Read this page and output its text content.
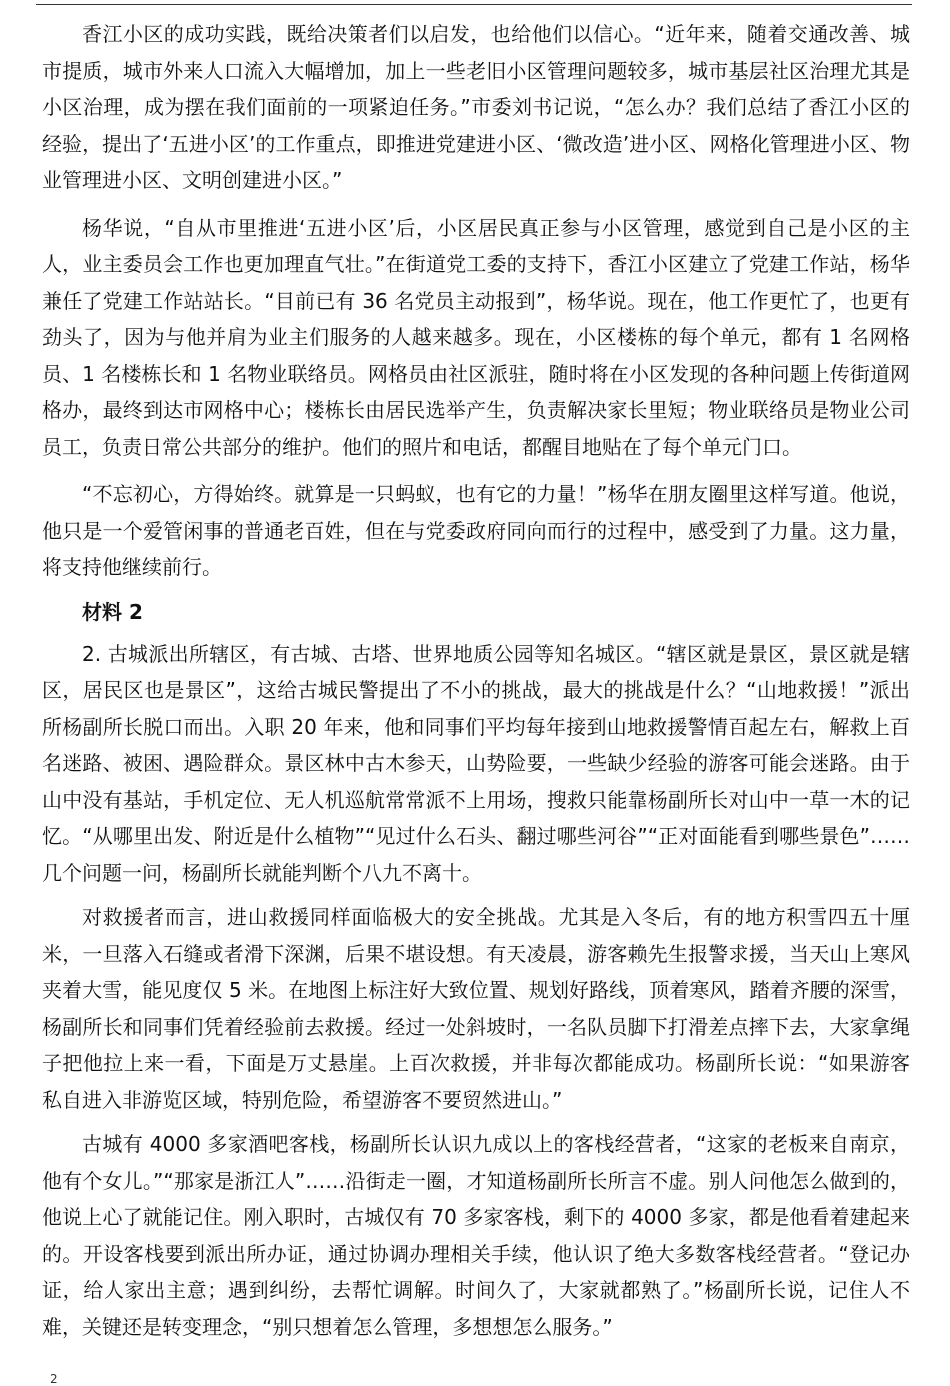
香江小区的成功实践，既给决策者们以启发，也给他们以信心。“近年来，随着交通改善、城市提质，城市外来人口流入大幅增加，加上一些老旧小区管理问题较多，城市基层社区治理尤其是小区治理，成为摆在我们面前的一项紧迫任务。”市委刘书记说，“怎么办？我们总结了香江小区的经验，提出了‘五进小区’的工作重点，即推进党建进小区、‘微改造’进小区、网格化管理进小区、物业管理进小区、文明创建进小区。”

杨华说，“自从市里推进‘五进小区’后，小区居民真正参与小区管理，感觉到自己是小区的主人，业主委员会工作也更加理直气壮。”在街道党工委的支持下，香江小区建立了党建工作站，杨华兼任了党建工作站站长。“目前已有 36 名党员主动报到”，杨华说。现在，他工作更忙了，也更有劲头了，因为与他并肩为业主们服务的人越来越多。现在，小区楼栋的每个单元，都有 1 名网格员、1 名楼栋长和 1 名物业联络员。网格员由社区派驻，随时将在小区发现的各种问题上传街道网格办，最终到达市网格中心；楼栋长由居民选举产生，负责解决家长里短；物业联络员是物业公司员工，负责日常公共部分的维护。他们的照片和电话，都醒目地贴在了每个单元门口。

“不忘初心，方得始终。就算是一只蚂蚁，也有它的力量！”杨华在朋友圈里这样写道。他说，他只是一个爱管闲事的普通老百姓，但在与党委政府同向而行的过程中，感受到了力量。这力量，将支持他继续前行。

材料 2

2. 古城派出所辖区，有古城、古塔、世界地质公园等知名城区。“辖区就是景区，景区就是辖区，居民区也是景区”，这给古城民警提出了不小的挑战，最大的挑战是什么？“山地救援！”派出所杨副所长脱口而出。入职 20 年来，他和同事们平均每年接到山地救援警情百起左右，解救上百名迷路、被困、遇险群众。景区林中古木参天，山势险要，一些缺少经验的游客可能会迷路。由于山中没有基站，手机定位、无人机巡航常常派不上用场，搜救只能靠杨副所长对山中一草一木的记忆。“从哪里出发、附近是什么植物”“见过什么石头、翻过哪些河谷”“正对面能看到哪些景色”……几个问题一问，杨副所长就能判断个八九不离十。

对救援者而言，进山救援同样面临极大的安全挑战。尤其是入冬后，有的地方积雪四五十厘米，一旦落入石缝或者滑下深渊，后果不堪设想。有天凌晨，游客赖先生报警求援，当天山上寒风夹着大雪，能见度仅 5 米。在地图上标注好大致位置、规划好路线，顶着寒风，踏着齐腰的深雪，杨副所长和同事们凭着经验前去救援。经过一处斜坡时，一名队员脚下打滑差点摔下去，大家拿绳子把他拉上来一看，下面是万丈悬崖。上百次救援，并非每次都能成功。杨副所长说：“如果游客私自进入非游览区域，特别危险，希望游客不要贸然进山。”

古城有 4000 多家酒吧客栈，杨副所长认识九成以上的客栈经营者，“这家的老板来自南京，他有个女儿。”“那家是浙江人”……沿街走一圈，才知道杨副所长所言不虚。别人问他怎么做到的，他说上心了就能记住。刚入职时，古城仅有 70 多家客栈，剩下的 4000 多家，都是他看着建起来的。开设客栈要到派出所办证，通过协调办理相关手续，他认识了绝大多数客栈经营者。“登记办证，给人家出主意；遇到纠纷，去帮忙调解。时间久了，大家就都熟了。”杨副所长说，记住人不难，关键还是转变理念，“别只想着怎么管理，多想想怎么服务。”

2
